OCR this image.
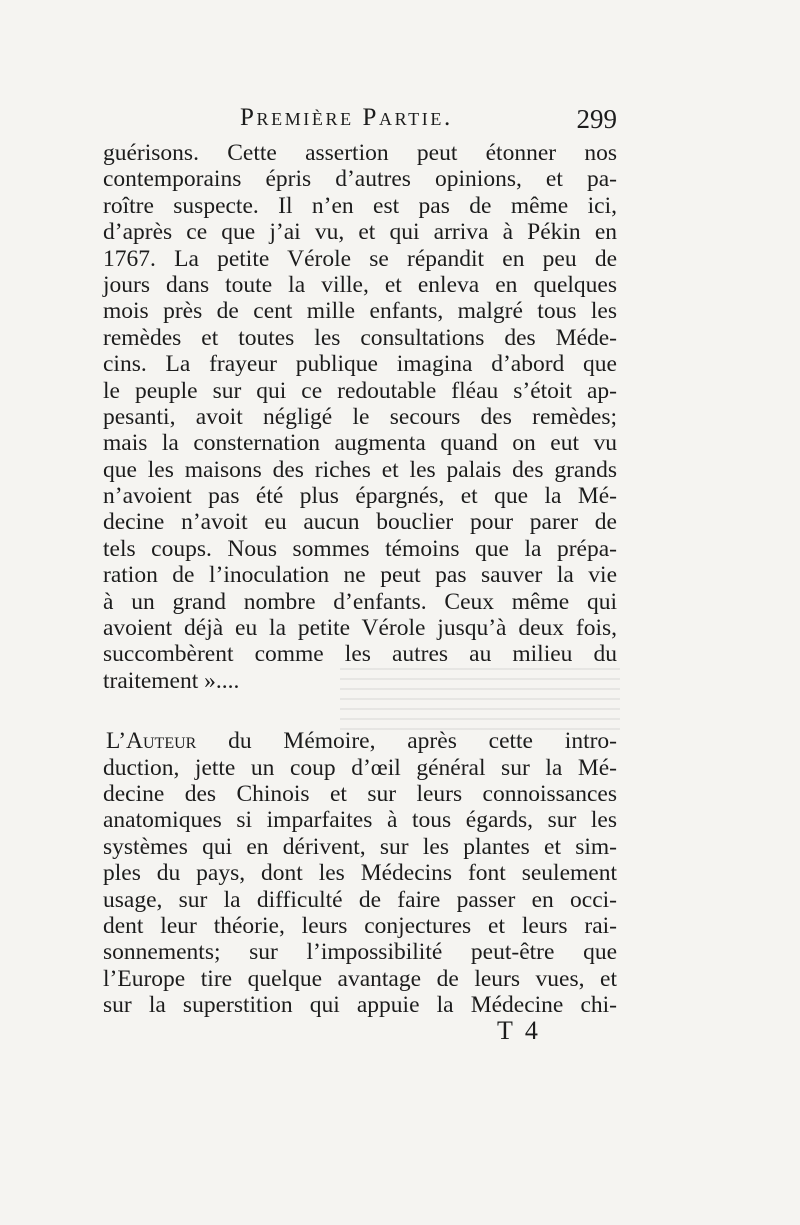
Première Partie.	299
guérisons. Cette assertion peut étonner nos
contemporains épris d’autres opinions, et pa-
roître suspecte. Il n’en est pas de même ici,
d’après ce que j’ai vu, et qui arriva à Pékin en
1767. La petite Vérole se répandit en peu de
jours dans toute la ville, et enleva en quelques
mois près de cent mille enfants, malgré tous les
remèdes et toutes les consultations des Méde-
cins. La frayeur publique imagina d’abord que
le peuple sur qui ce redoutable fléau s’étoit ap-
pesanti, avoit négligé le secours des remèdes;
mais la consternation augmenta quand on eut vu
que les maisons des riches et les palais des grands
n’avoient pas été plus épargnés, et que la Mé-
decine n’avoit eu aucun bouclier pour parer de
tels coups. Nous sommes témoins que la prépa-
ration de l’inoculation ne peut pas sauver la vie
à un grand nombre d’enfants. Ceux même qui
avoient déjà eu la petite Vérole jusqu’à deux fois,
succombèrent comme les autres au milieu du
traitement »....
L’Auteur du Mémoire, après cette intro-
duction, jette un coup d’œil général sur la Mé-
decine des Chinois et sur leurs connoissances
anatomiques si imparfaites à tous égards, sur les
systèmes qui en dérivent, sur les plantes et sim-
ples du pays, dont les Médecins font seulement
usage, sur la difficulté de faire passer en occi-
dent leur théorie, leurs conjectures et leurs rai-
sonnements; sur l’impossibilité peut-être que
l’Europe tire quelque avantage de leurs vues, et
sur la superstition qui appuie la Médecine chi-
T 4
